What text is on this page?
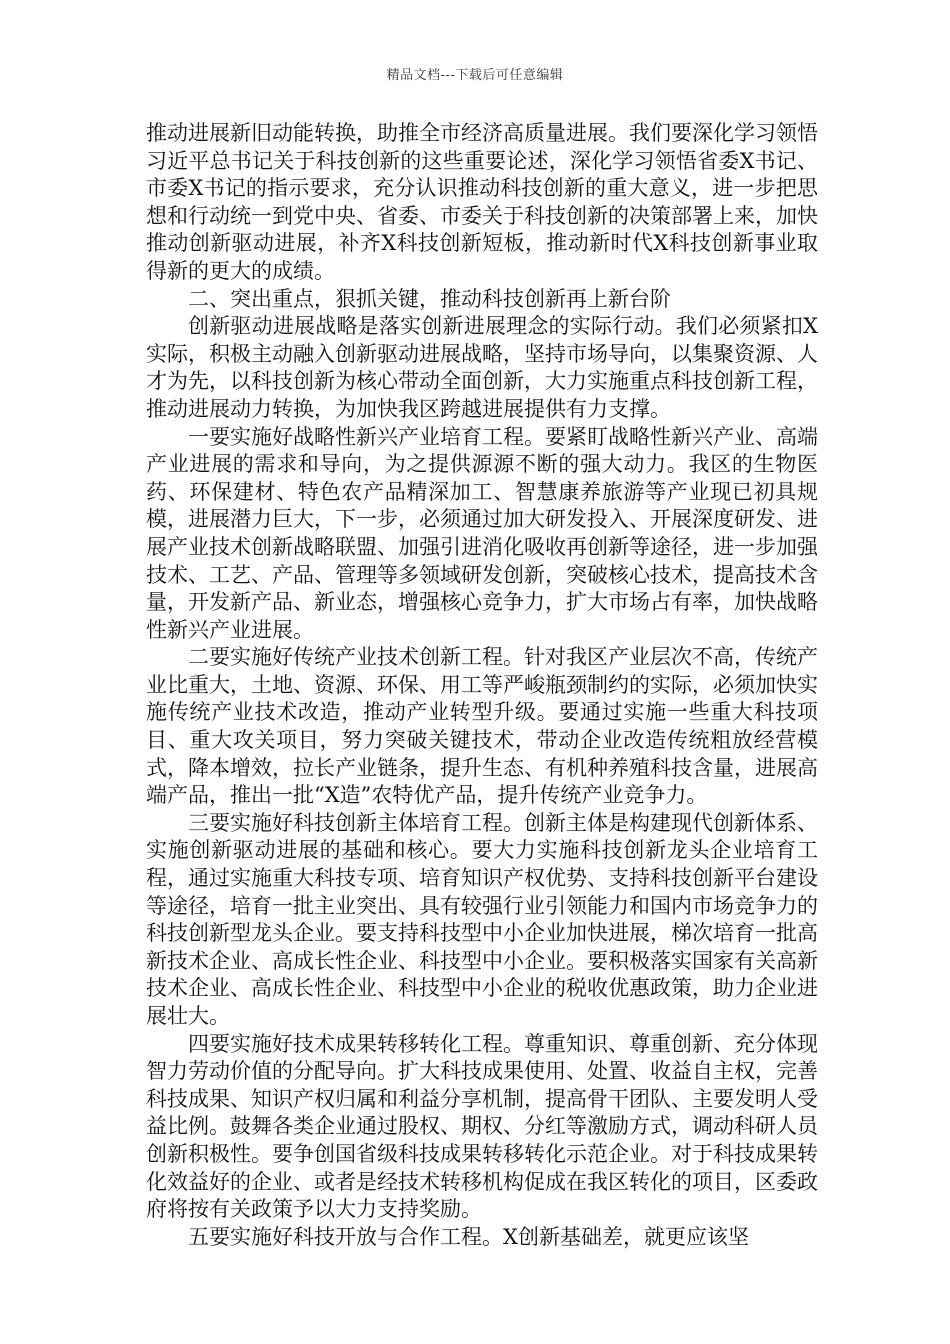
精品文档---下载后可任意编辑

推动进展新旧动能转换，助推全市经济高质量进展。我们要深化学习领悟习近平总书记关于科技创新的这些重要论述，深化学习领悟省委X书记、市委X书记的指示要求，充分认识推动科技创新的重大意义，进一步把思想和行动统一到党中央、省委、市委关于科技创新的决策部署上来，加快推动创新驱动进展，补齐X科技创新短板，推动新时代X科技创新事业取得新的更大的成绩。

二、突出重点，狠抓关键，推动科技创新再上新台阶

创新驱动进展战略是落实创新进展理念的实际行动。我们必须紧扣X实际，积极主动融入创新驱动进展战略，坚持市场导向，以集聚资源、人才为先，以科技创新为核心带动全面创新，大力实施重点科技创新工程，推动进展动力转换，为加快我区跨越进展提供有力支撑。

一要实施好战略性新兴产业培育工程。要紧盯战略性新兴产业、高端产业进展的需求和导向，为之提供源源不断的强大动力。我区的生物医药、环保建材、特色农产品精深加工、智慧康养旅游等产业现已初具规模，进展潜力巨大，下一步，必须通过加大研发投入、开展深度研发、进展产业技术创新战略联盟、加强引进消化吸收再创新等途径，进一步加强技术、工艺、产品、管理等多领域研发创新，突破核心技术，提高技术含量，开发新产品、新业态，增强核心竞争力，扩大市场占有率，加快战略性新兴产业进展。

二要实施好传统产业技术创新工程。针对我区产业层次不高，传统产业比重大，土地、资源、环保、用工等严峻瓶颈制约的实际，必须加快实施传统产业技术改造，推动产业转型升级。要通过实施一些重大科技项目、重大攻关项目，努力突破关键技术，带动企业改造传统粗放经营模式，降本增效，拉长产业链条，提升生态、有机种养殖科技含量，进展高端产品，推出一批“X造”农特优产品，提升传统产业竞争力。

三要实施好科技创新主体培育工程。创新主体是构建现代创新体系、实施创新驱动进展的基础和核心。要大力实施科技创新龙头企业培育工程，通过实施重大科技专项、培育知识产权优势、支持科技创新平台建设等途径，培育一批主业突出、具有较强行业引领能力和国内市场竞争力的科技创新型龙头企业。要支持科技型中小企业加快进展，梯次培育一批高新技术企业、高成长性企业、科技型中小企业。要积极落实国家有关高新技术企业、高成长性企业、科技型中小企业的税收优惠政策，助力企业进展壮大。

四要实施好技术成果转移转化工程。尊重知识、尊重创新、充分体现智力劳动价值的分配导向。扩大科技成果使用、处置、收益自主权，完善科技成果、知识产权归属和利益分享机制，提高骨干团队、主要发明人受益比例。鼓舞各类企业通过股权、期权、分红等激励方式，调动科研人员创新积极性。要争创国省级科技成果转移转化示范企业。对于科技成果转化效益好的企业、或者是经技术转移机构促成在我区转化的项目，区委政府将按有关政策予以大力支持奖励。

五要实施好科技开放与合作工程。X创新基础差，就更应该坚
